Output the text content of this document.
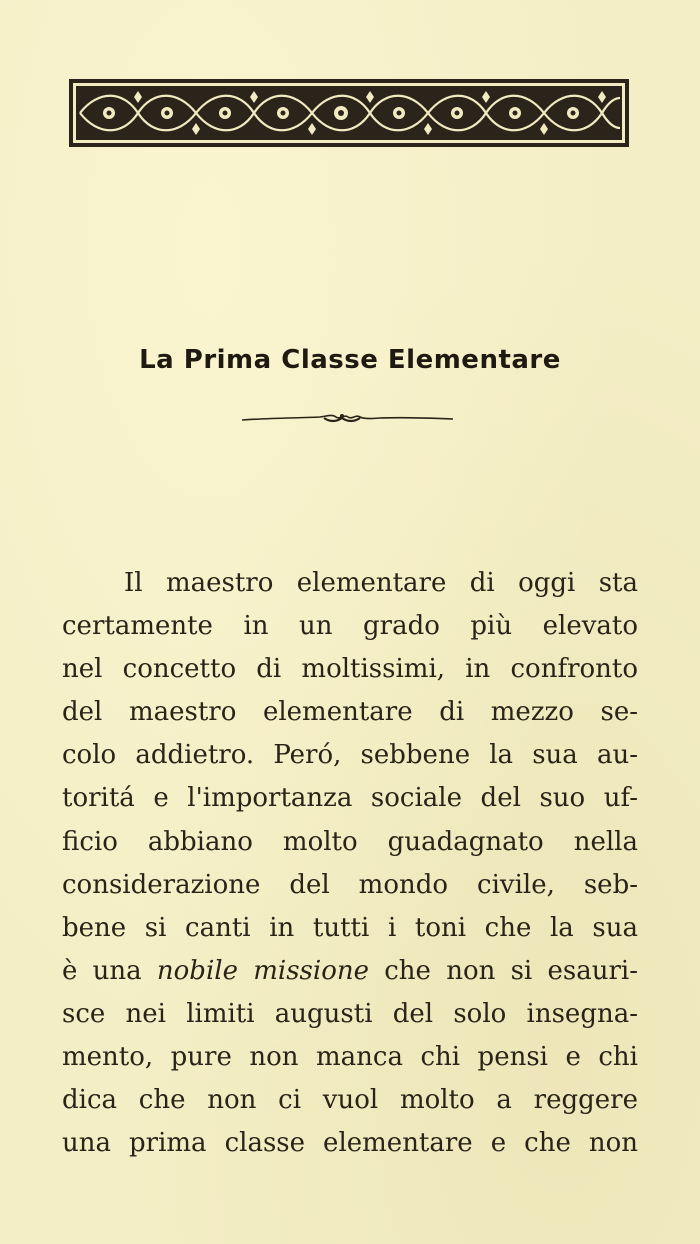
La Prima Classe Elementare
Il maestro elementare di oggi sta
certamente in un grado più elevato
nel concetto di moltissimi, in confronto
del maestro elementare di mezzo se-
colo addietro. Peró, sebbene la sua au-
toritá e l'importanza sociale del suo uf-
ficio abbiano molto guadagnato nella
considerazione del mondo civile, seb-
bene si canti in tutti i toni che la sua
è una nobile missione che non si esauri-
sce nei limiti augusti del solo insegna-
mento, pure non manca chi pensi e chi
dica che non ci vuol molto a reggere
una prima classe elementare e che non
